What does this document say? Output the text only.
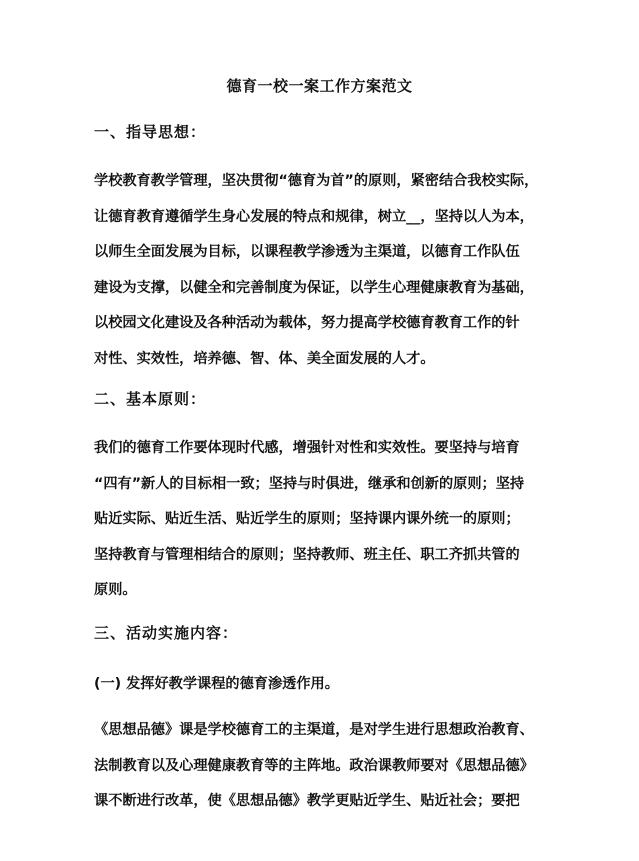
德育一校一案工作方案范文
一、指导思想：
学校教育教学管理，坚决贯彻“德育为首”的原则，紧密结合我校实际，
让德育教育遵循学生身心发展的特点和规律，树立__，坚持以人为本，
以师生全面发展为目标，以课程教学渗透为主渠道，以德育工作队伍
建设为支撑，以健全和完善制度为保证，以学生心理健康教育为基础，
以校园文化建设及各种活动为载体，努力提高学校德育教育工作的针
对性、实效性，培养德、智、体、美全面发展的人才。
二、基本原则：
我们的德育工作要体现时代感，增强针对性和实效性。要坚持与培育
“四有”新人的目标相一致；坚持与时俱进，继承和创新的原则；坚持
贴近实际、贴近生活、贴近学生的原则；坚持课内课外统一的原则；
坚持教育与管理相结合的原则；坚持教师、班主任、职工齐抓共管的
原则。
三、活动实施内容：
(一) 发挥好教学课程的德育渗透作用。
《思想品德》课是学校德育工的主渠道，是对学生进行思想政治教育、
法制教育以及心理健康教育等的主阵地。政治课教师要对《思想品德》
课不断进行改革，使《思想品德》教学更贴近学生、贴近社会；要把
